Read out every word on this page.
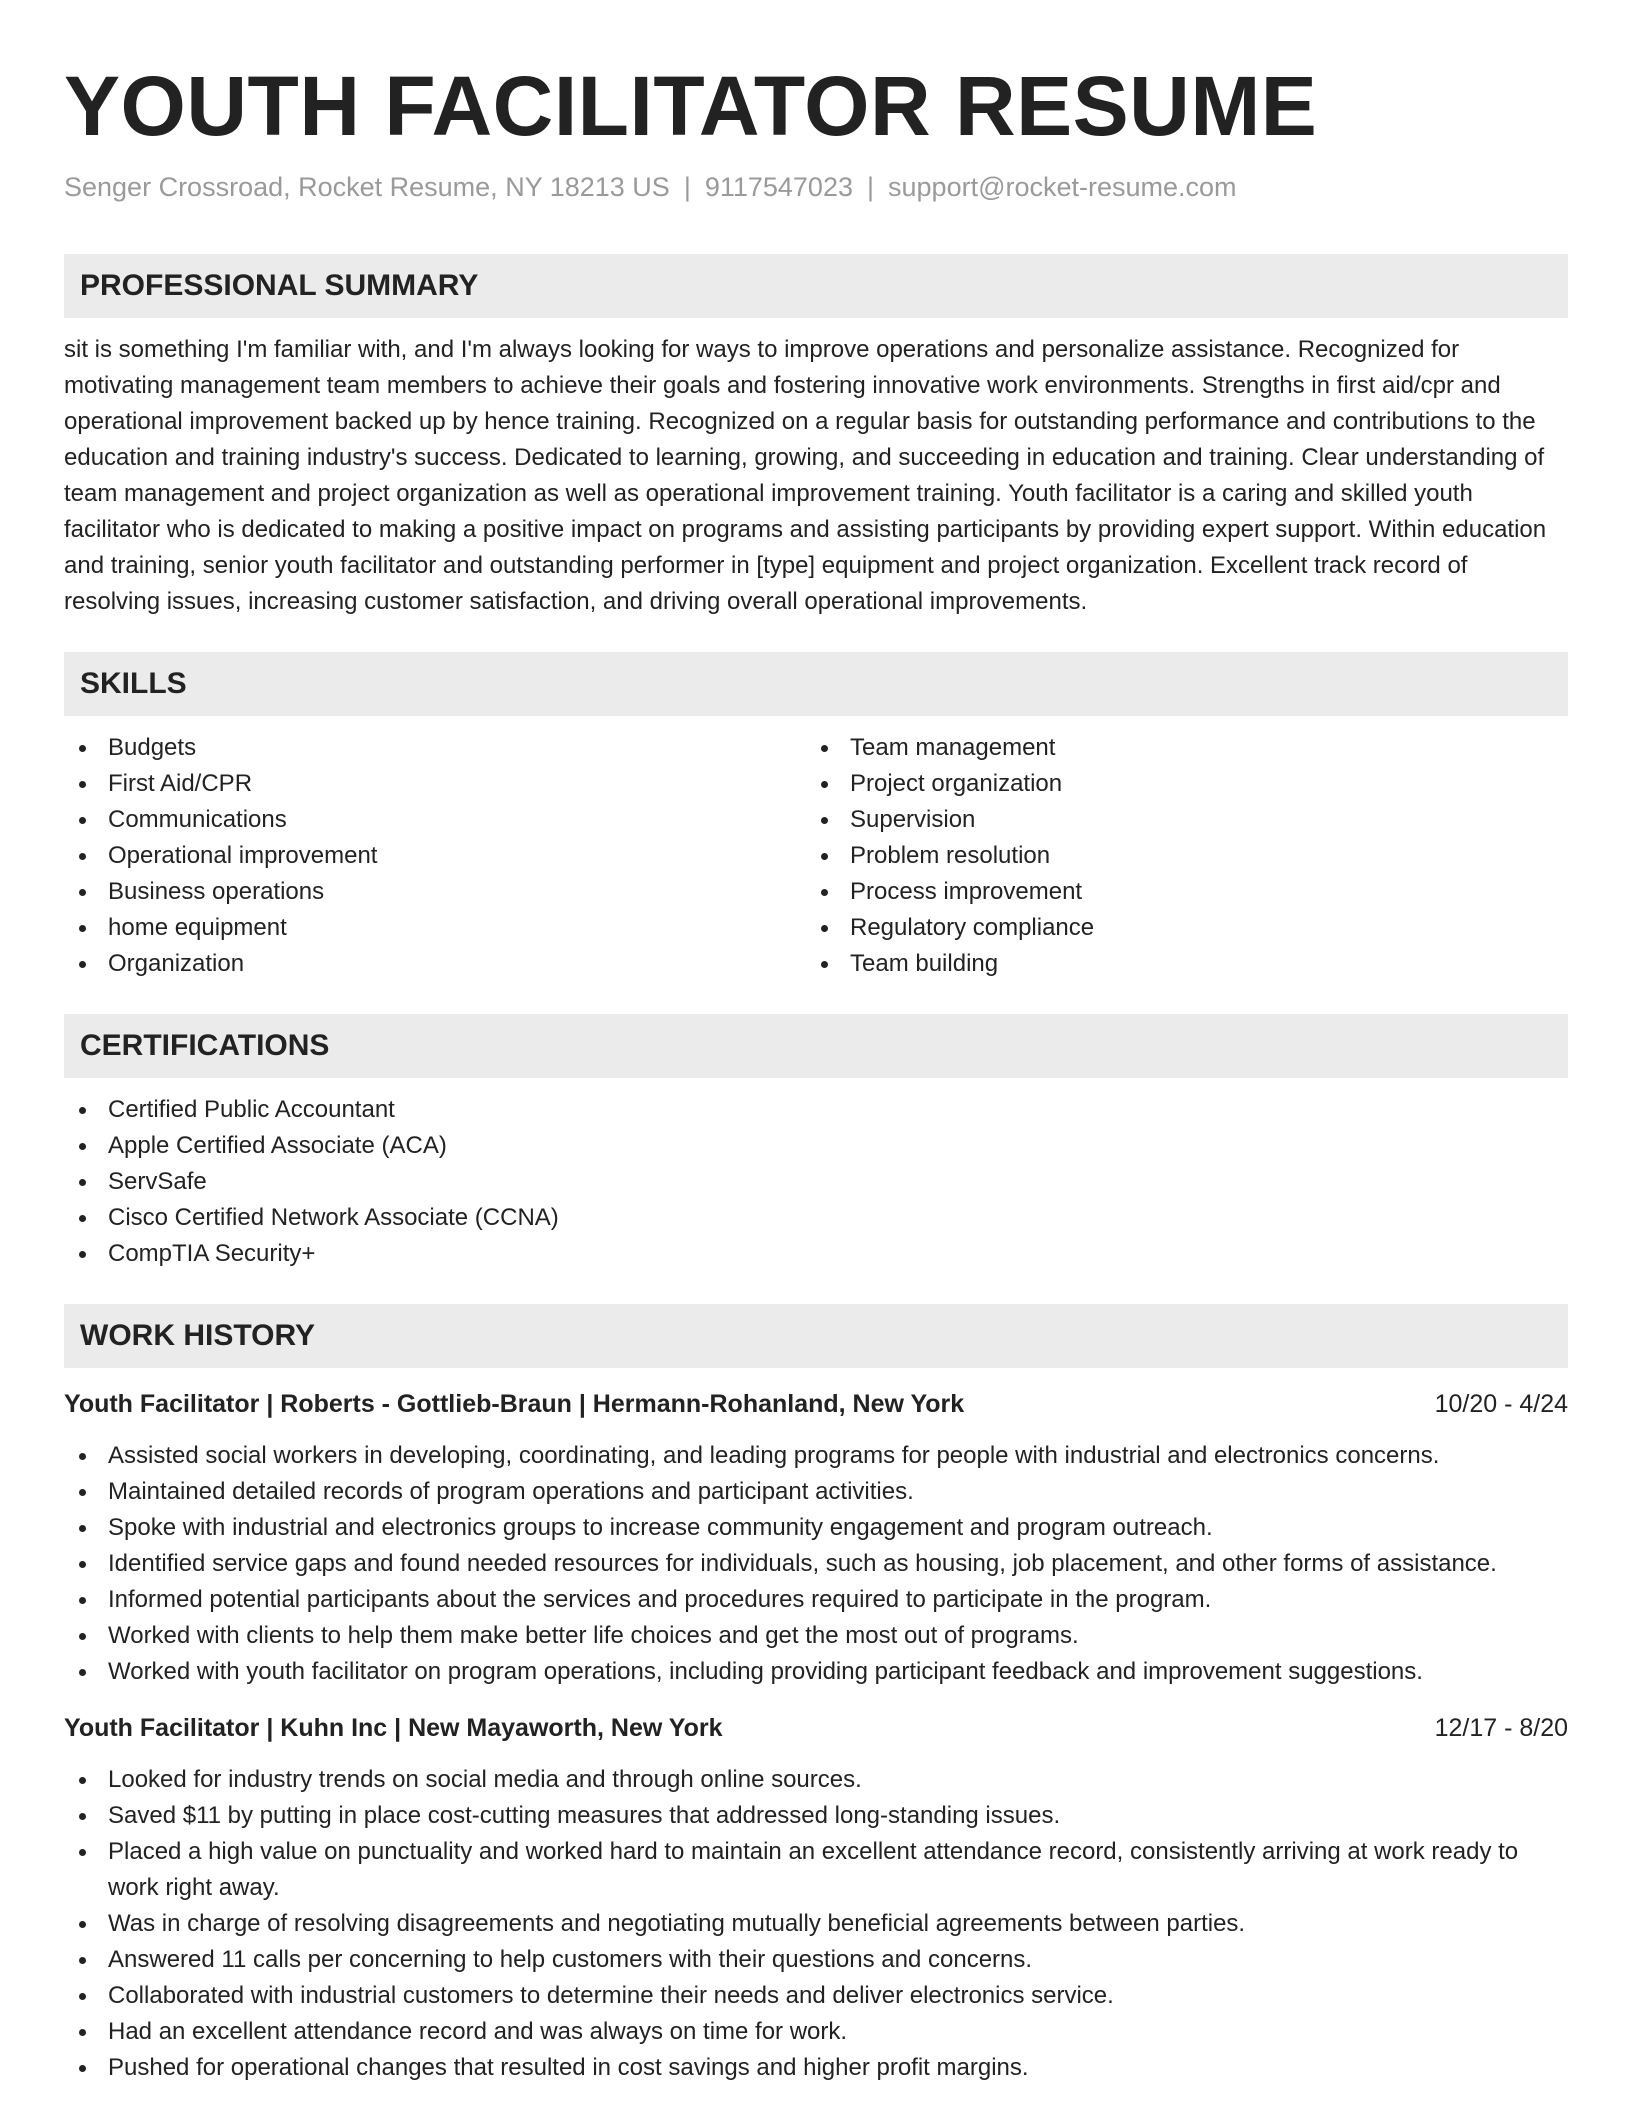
YOUTH FACILITATOR RESUME
Senger Crossroad, Rocket Resume, NY 18213 US | 9117547023 | support@rocket-resume.com
PROFESSIONAL SUMMARY

sit is something I'm familiar with, and I'm always looking for ways to improve operations and personalize assistance. Recognized for motivating management team members to achieve their goals and fostering innovative work environments. Strengths in first aid/cpr and operational improvement backed up by hence training. Recognized on a regular basis for outstanding performance and contributions to the education and training industry's success. Dedicated to learning, growing, and succeeding in education and training. Clear understanding of team management and project organization as well as operational improvement training. Youth facilitator is a caring and skilled youth facilitator who is dedicated to making a positive impact on programs and assisting participants by providing expert support. Within education and training, senior youth facilitator and outstanding performer in [type] equipment and project organization. Excellent track record of resolving issues, increasing customer satisfaction, and driving overall operational improvements.

SKILLS
Budgets
First Aid/CPR
Communications
Operational improvement
Business operations
home equipment
Organization
Team management
Project organization
Supervision
Problem resolution
Process improvement
Regulatory compliance
Team building
CERTIFICATIONS
Certified Public Accountant
Apple Certified Associate (ACA)
ServSafe
Cisco Certified Network Associate (CCNA)
CompTIA Security+
WORK HISTORY
Youth Facilitator | Roberts - Gottlieb-Braun | Hermann-Rohanland, New York	10/20 - 4/24
Assisted social workers in developing, coordinating, and leading programs for people with industrial and electronics concerns.
Maintained detailed records of program operations and participant activities.
Spoke with industrial and electronics groups to increase community engagement and program outreach.
Identified service gaps and found needed resources for individuals, such as housing, job placement, and other forms of assistance.
Informed potential participants about the services and procedures required to participate in the program.
Worked with clients to help them make better life choices and get the most out of programs.
Worked with youth facilitator on program operations, including providing participant feedback and improvement suggestions.
Youth Facilitator | Kuhn Inc | New Mayaworth, New York	12/17 - 8/20
Looked for industry trends on social media and through online sources.
Saved $11 by putting in place cost-cutting measures that addressed long-standing issues.
Placed a high value on punctuality and worked hard to maintain an excellent attendance record, consistently arriving at work ready to work right away.
Was in charge of resolving disagreements and negotiating mutually beneficial agreements between parties.
Answered 11 calls per concerning to help customers with their questions and concerns.
Collaborated with industrial customers to determine their needs and deliver electronics service.
Had an excellent attendance record and was always on time for work.
Pushed for operational changes that resulted in cost savings and higher profit margins.
